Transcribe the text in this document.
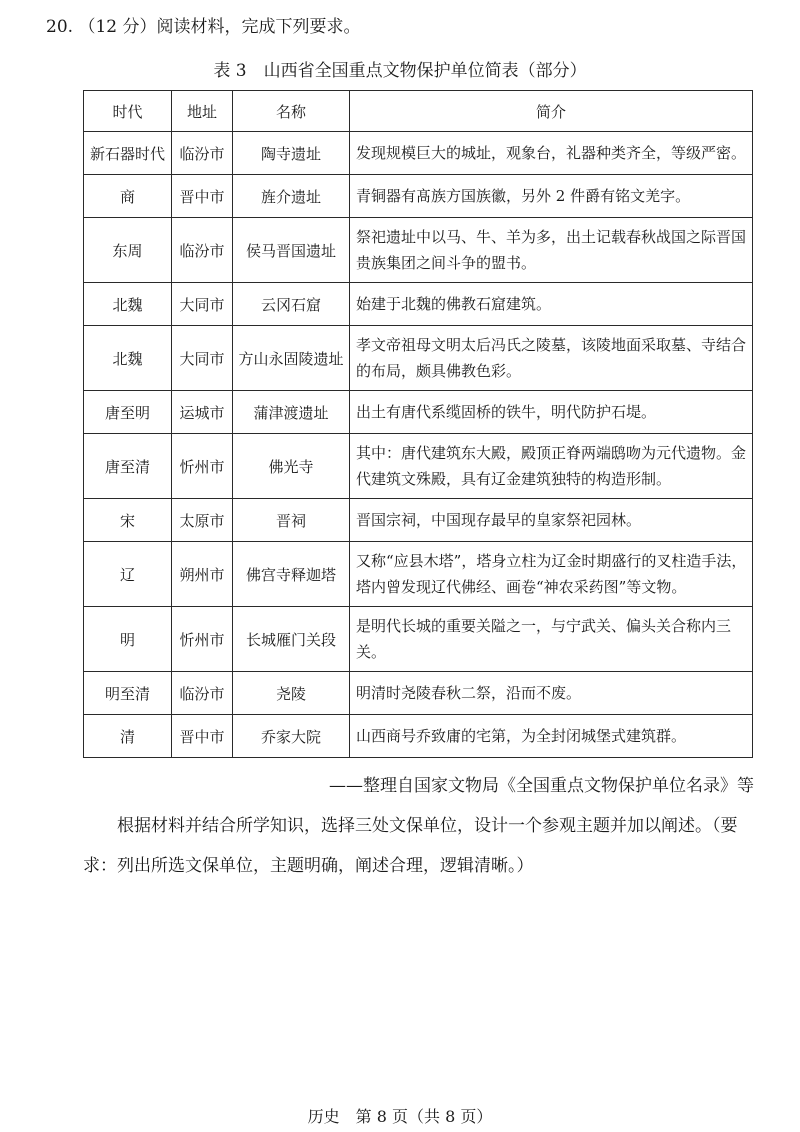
20. （12 分）阅读材料，完成下列要求。
表 3　山西省全国重点文物保护单位简表（部分）
时代	地址	名称	简介
新石器时代	临汾市	陶寺遗址	发现规模巨大的城址，观象台，礼器种类齐全，等级严密。
商	晋中市	旌介遗址	青铜器有髙族方国族徽，另外 2 件爵有铭文羌字。
东周	临汾市	侯马晋国遗址	祭祀遗址中以马、牛、羊为多，出土记载春秋战国之际晋国贵族集团之间斗争的盟书。
北魏	大同市	云冈石窟	始建于北魏的佛教石窟建筑。
北魏	大同市	方山永固陵遗址	孝文帝祖母文明太后冯氏之陵墓，该陵地面采取墓、寺结合的布局，颇具佛教色彩。
唐至明	运城市	蒲津渡遗址	出土有唐代系缆固桥的铁牛，明代防护石堤。
唐至清	忻州市	佛光寺	其中：唐代建筑东大殿，殿顶正脊两端鸱吻为元代遗物。金代建筑文殊殿，具有辽金建筑独特的构造形制。
宋	太原市	晋祠	晋国宗祠，中国现存最早的皇家祭祀园林。
辽	朔州市	佛宫寺释迦塔	又称“应县木塔”，塔身立柱为辽金时期盛行的叉柱造手法，塔内曾发现辽代佛经、画卷“神农采药图”等文物。
明	忻州市	长城雁门关段	是明代长城的重要关隘之一，与宁武关、偏头关合称内三关。
明至清	临汾市	尧陵	明清时尧陵春秋二祭，沿而不废。
清	晋中市	乔家大院	山西商号乔致庸的宅第，为全封闭城堡式建筑群。
——整理自国家文物局《全国重点文物保护单位名录》等
根据材料并结合所学知识，选择三处文保单位，设计一个参观主题并加以阐述。（要求：列出所选文保单位，主题明确，阐述合理，逻辑清晰。）
历史　第 8 页（共 8 页）
